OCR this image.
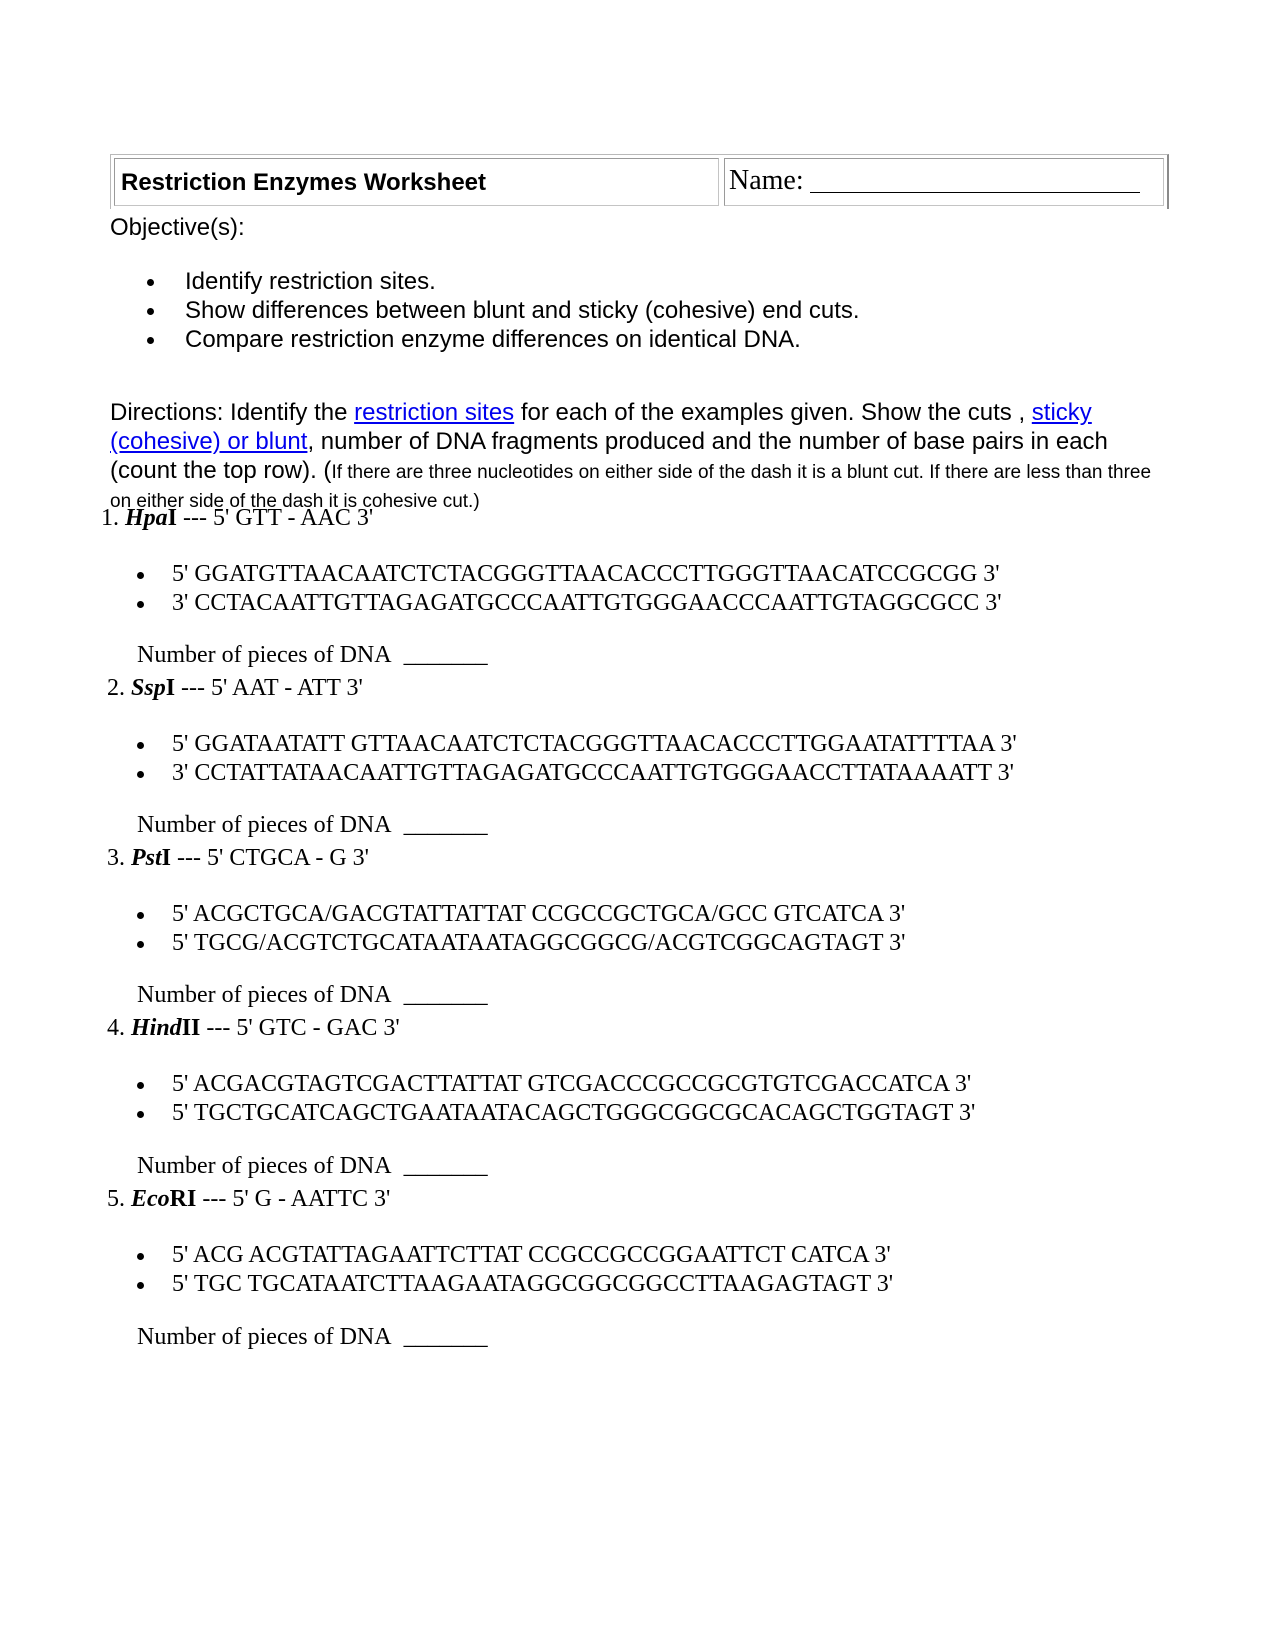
Restriction Enzymes Worksheet	Name:
Objective(s):
Identify restriction sites.
Show differences between blunt and sticky (cohesive) end cuts.
Compare restriction enzyme differences on identical DNA.
Directions: Identify the restriction sites for each of the examples given. Show the cuts , sticky (cohesive) or blunt, number of DNA fragments produced and the number of base pairs in each (count the top row). (If there are three nucleotides on either side of the dash it is a blunt cut. If there are less than three on either side of the dash it is cohesive cut.)
1. HpaI --- 5' GTT - AAC 3'
5' GGATGTTAACAATCTCTACGGGTTAACACCCTTGGGTTAACATCCGCGG 3'
3' CCTACAATTGTTAGAGATGCCCAATTGTGGGAACCCAATTGTAGGCGCC 3'
Number of pieces of DNA _______
2. SspI --- 5' AAT - ATT 3'
5' GGATAATATT GTTAACAATCTCTACGGGTTAACACCCTTGGAATATTTTAA 3'
3' CCTATTATAACAATTGTTAGAGATGCCCAATTGTGGGAACCTTATAAAATT 3'
Number of pieces of DNA _______
3. PstI --- 5' CTGCA - G 3'
5' ACGCTGCA/GACGTATTATTAT CCGCCGCTGCA/GCC GTCATCA 3'
5' TGCG/ACGTCTGCATAATAATAGGCGGCG/ACGTCGGCAGTAGT 3'
Number of pieces of DNA _______
4. HindII --- 5' GTC - GAC 3'
5' ACGACGTAGTCGACTTATTAT GTCGACCCGCCGCGTGTCGACCATCA 3'
5' TGCTGCATCAGCTGAATAATACAGCTGGGCGGCGCACAGCTGGTAGT 3'
Number of pieces of DNA _______
5. EcoRI --- 5' G - AATTC 3'
5' ACG ACGTATTAGAATTCTTAT CCGCCGCCGGAATTCT CATCA 3'
5' TGC TGCATAATCTTAAGAATAGGCGGCGGCCTTAAGAGTAGT 3'
Number of pieces of DNA _______
